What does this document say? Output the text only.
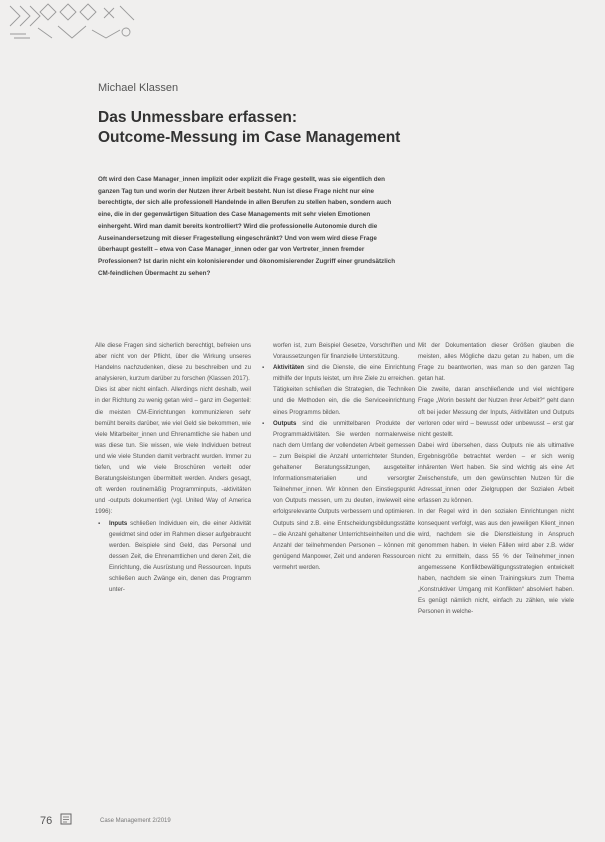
Michael Klassen
Das Unmessbare erfassen:
Outcome-Messung im Case Management

Oft wird den Case Manager_innen implizit oder explizit die Frage gestellt, was sie eigentlich den ganzen Tag tun und worin der Nutzen ihrer Arbeit besteht. Nun ist diese Frage nicht nur eine berechtigte, der sich alle professionell Handelnde in allen Berufen zu stellen haben, sondern auch eine, die in der gegenwärtigen Situation des Case Managements mit sehr vielen Emotionen einhergeht. Wird man damit bereits kontrolliert? Wird die professionelle Autonomie durch die Auseinandersetzung mit dieser Fragestellung eingeschränkt? Und von wem wird diese Frage überhaupt gestellt – etwa von Case Manager_innen oder gar von Vertreter_innen fremder Professionen? Ist darin nicht ein kolonisierender und ökonomisierender Zugriff einer grundsätzlich CM-feindlichen Übermacht zu sehen?

Alle diese Fragen sind sicherlich berechtigt, befreien uns aber nicht von der Pflicht, über die Wirkung unseres Handelns nachzudenken, diese zu beschreiben und zu analysieren, kurzum darüber zu forschen (Klassen 2017).

Dies ist aber nicht einfach. Allerdings nicht deshalb, weil in der Richtung zu wenig getan wird – ganz im Gegenteil: die meisten CM-Einrichtungen kommunizieren sehr bemüht bereits darüber, wie viel Geld sie bekommen, wie viele Mitarbeiter_innen und Ehrenamtliche sie haben und was diese tun. Sie wissen, wie viele Individuen betreut und wie viele Stunden damit verbracht wurden. Immer zu tiefen, und wie viele Broschüren verteilt oder Beratungsleistungen übermittelt werden. Anders gesagt, oft werden routinemäßig Programminputs, -aktivitäten und -outputs dokumentiert (vgl. United Way of America 1996):

▪ Inputs schließen Individuen ein, die einer Aktivität gewidmet sind oder im Rahmen dieser aufgebraucht werden. Beispiele sind Geld, das Personal und dessen Zeit, die Ehrenamtlichen und deren Zeit, die Einrichtung, die Ausrüstung und Ressourcen. Inputs schließen auch Zwänge ein, denen das Programm unter-

worfen ist, zum Beispiel Gesetze, Vorschriften und Voraussetzungen für finanzielle Unterstützung.

▪ Aktivitäten sind die Dienste, die eine Einrichtung mithilfe der Inputs leistet, um ihre Ziele zu erreichen. Tätigkeiten schließen die Strategien, die Techniken und die Methoden ein, die die Serviceeinrichtung eines Programms bilden.

▪ Outputs sind die unmittelbaren Produkte der Programmaktivitäten. Sie werden normalerweise nach dem Umfang der vollendeten Arbeit gemessen – zum Beispiel die Anzahl unterrichteter Stunden, gehaltener Beratungssitzungen, ausgeteilter Informationsmaterialien und versorgter Teilnehmer_innen. Wir können den Einstiegspunkt von Outputs messen, um zu deuten, inwieweit eine erfolgsrelevante Outputs verbessern und optimieren. Outputs sind z.B. eine Entscheidungsbildungsstätte – die Anzahl gehaltener Unterrichtseinheiten und die Anzahl der teilnehmenden Personen – können mit genügend Manpower, Zeit und anderen Ressourcen vermehrt werden.

Mit der Dokumentation dieser Größen glauben die meisten, alles Mögliche dazu getan zu haben, um die Frage zu beantworten, was man so den ganzen Tag getan hat.

Die zweite, daran anschließende und viel wichtigere Frage „Worin besteht der Nutzen ihrer Arbeit?“ geht dann oft bei jeder Messung der Inputs, Aktivitäten und Outputs verloren oder wird – bewusst oder unbewusst – erst gar nicht gestellt.

Dabei wird übersehen, dass Outputs nie als ultimative Ergebnisgröße betrachtet werden – er sich wenig inhärenten Wert haben. Sie sind wichtig als eine Art Zwischenstufe, um den gewünschten Nutzen für die Adressat_innen oder Zielgruppen der Sozialen Arbeit erfassen zu können.

In der Regel wird in den sozialen Einrichtungen nicht konsequent verfolgt, was aus den jeweiligen Klient_innen wird, nachdem sie die Dienstleistung in Anspruch genommen haben. In vielen Fällen wird aber z.B. wider nicht zu ermitteln, dass 55 % der Teilnehmer_innen angemessene Konfliktbewältigungsstrategien entwickelt haben, nachdem sie einen Trainingskurs zum Thema „Konstruktiver Umgang mit Konflikten“ absolviert haben. Es genügt nämlich nicht, einfach zu zählen, wie viele Personen in welche-

76	Case Management 2/2019
